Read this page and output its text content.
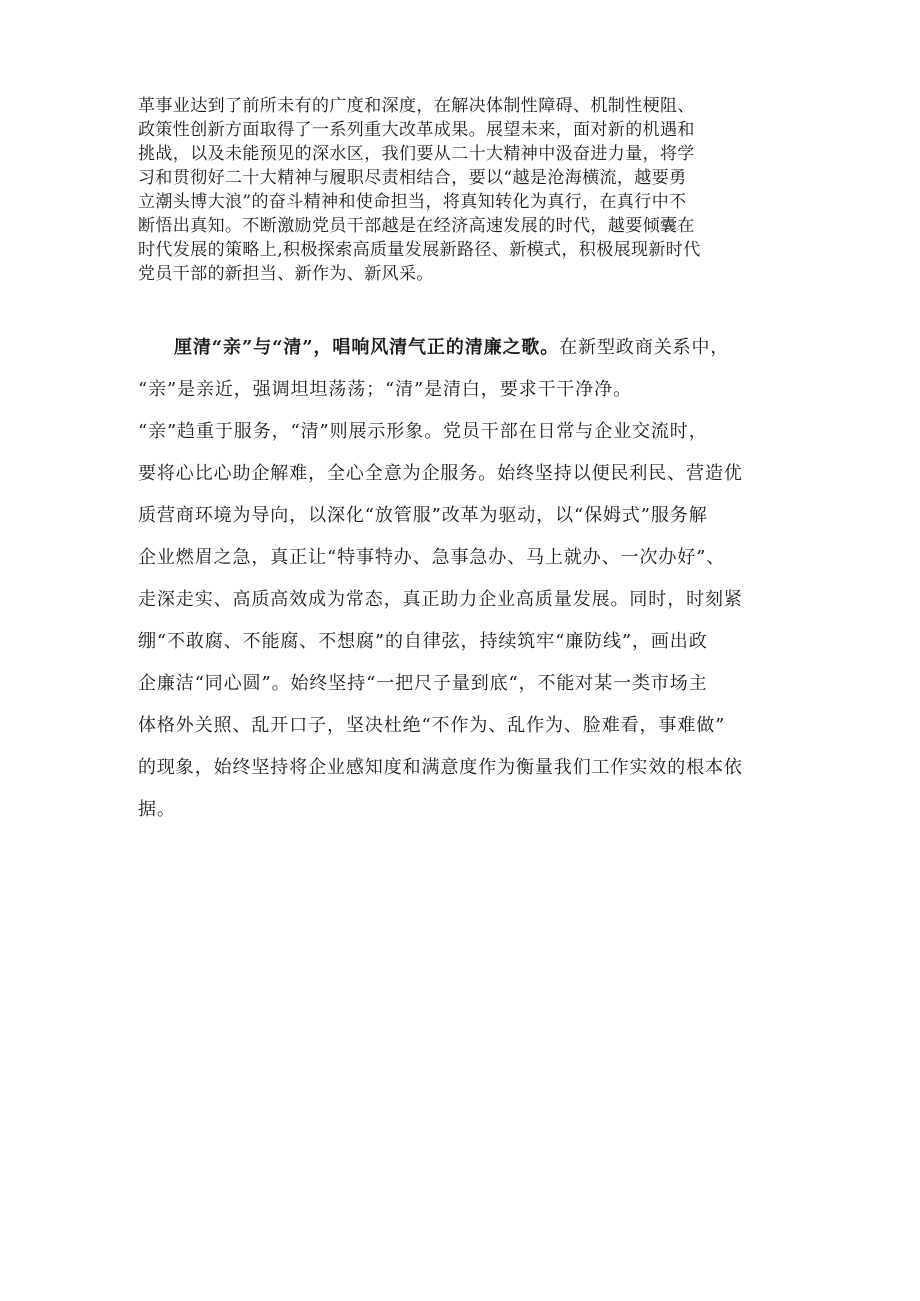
革事业达到了前所未有的广度和深度，在解决体制性障碍、机制性梗阻、
政策性创新方面取得了一系列重大改革成果。展望未来，面对新的机遇和
挑战，以及未能预见的深水区，我们要从二十大精神中汲奋进力量，将学
习和贯彻好二十大精神与履职尽责相结合，要以“越是沧海横流，越要勇
立潮头博大浪”的奋斗精神和使命担当，将真知转化为真行，在真行中不
断悟出真知。不断激励党员干部越是在经济高速发展的时代，越要倾囊在
时代发展的策略上,积极探索高质量发展新路径、新模式，积极展现新时代
党员干部的新担当、新作为、新风采。
厘清“亲”与“清”，唱响风清气正的清廉之歌。在新型政商关系中，
“亲”是亲近，强调坦坦荡荡；“清”是清白，要求干干净净。
“亲”趋重于服务，“清”则展示形象。党员干部在日常与企业交流时，
要将心比心助企解难，全心全意为企服务。始终坚持以便民利民、营造优
质营商环境为导向，以深化“放管服”改革为驱动，以“保姆式”服务解
企业燃眉之急，真正让“特事特办、急事急办、马上就办、一次办好”、
走深走实、高质高效成为常态，真正助力企业高质量发展。同时，时刻紧
绷“不敢腐、不能腐、不想腐”的自律弦，持续筑牢“廉防线”，画出政
企廉洁“同心圆”。始终坚持“一把尺子量到底“，不能对某一类市场主
体格外关照、乱开口子，坚决杜绝“不作为、乱作为、脸难看，事难做”
的现象，始终坚持将企业感知度和满意度作为衡量我们工作实效的根本依
据。
